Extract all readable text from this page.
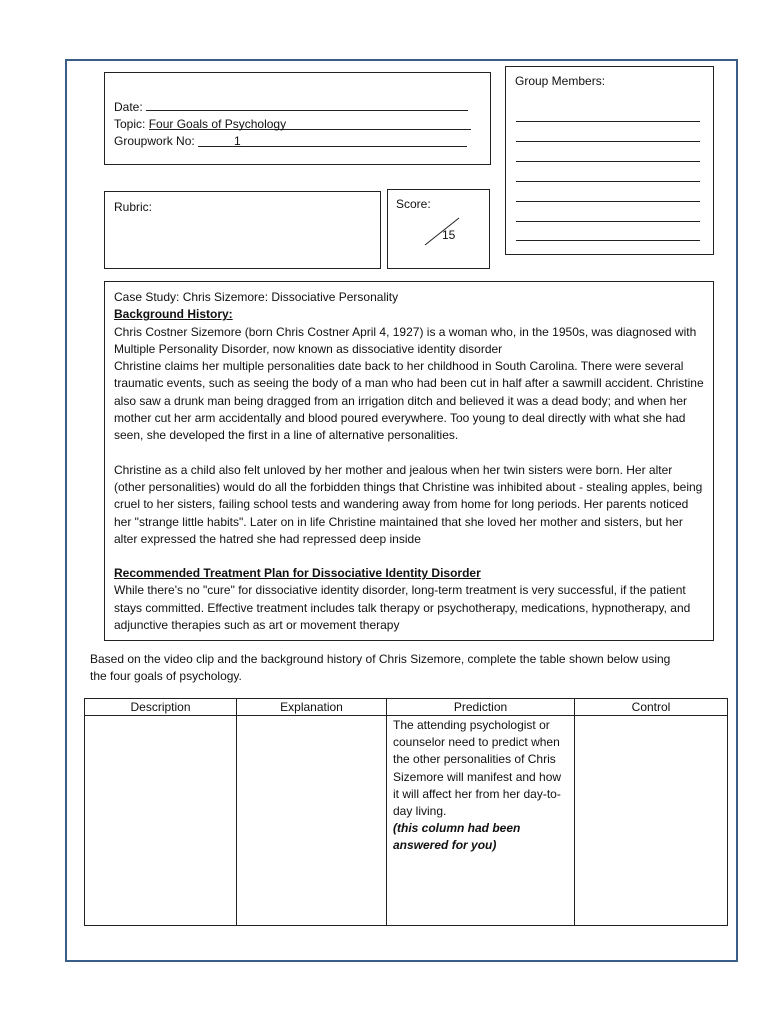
Date:
Topic: Four Goals of Psychology
Groupwork No:	1
Group Members:
Rubric:	Score:
15

Case Study: Chris Sizemore: Dissociative Personality

Background History:

Chris Costner Sizemore (born Chris Costner April 4, 1927) is a woman who, in the 1950s, was diagnosed with Multiple Personality Disorder, now known as dissociative identity disorder

Christine claims her multiple personalities date back to her childhood in South Carolina. There were several traumatic events, such as seeing the body of a man who had been cut in half after a sawmill accident. Christine also saw a drunk man being dragged from an irrigation ditch and believed it was a dead body; and when her mother cut her arm accidentally and blood poured everywhere. Too young to deal directly with what she had seen, she developed the first in a line of alternative personalities.

Christine as a child also felt unloved by her mother and jealous when her twin sisters were born. Her alter (other personalities) would do all the forbidden things that Christine was inhibited about - stealing apples, being cruel to her sisters, failing school tests and wandering away from home for long periods. Her parents noticed her "strange little habits". Later on in life Christine maintained that she loved her mother and sisters, but her alter expressed the hatred she had repressed deep inside

Recommended Treatment Plan for Dissociative Identity Disorder

While there's no "cure" for dissociative identity disorder, long-term treatment is very successful, if the patient stays committed. Effective treatment includes talk therapy or psychotherapy, medications, hypnotherapy, and adjunctive therapies such as art or movement therapy

Based on the video clip and the background history of Chris Sizemore, complete the table shown below using the four goals of psychology.
Description	Explanation	Prediction	Control

		The attending psychologist or counselor need to predict when the other personalities of Chris Sizemore will manifest and how it will affect her from her day-to-day living.
(this column had been answered for you)	
